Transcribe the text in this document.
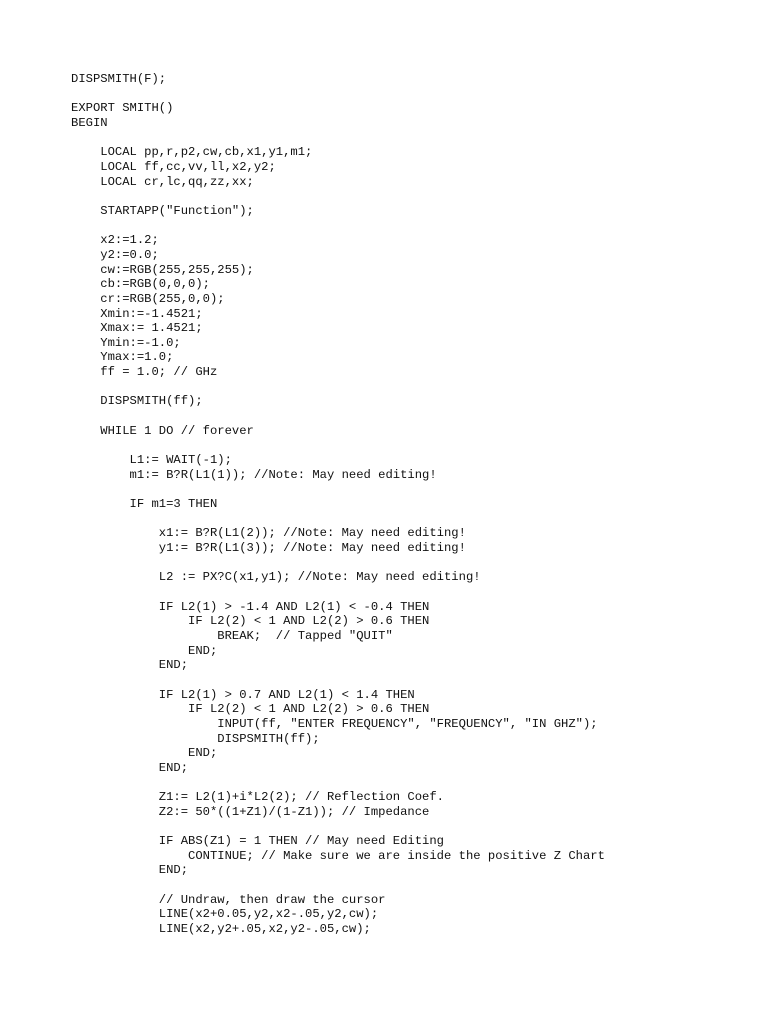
DISPSMITH(F);
EXPORT SMITH()
BEGIN
LOCAL pp,r,p2,cw,cb,x1,y1,m1;
LOCAL ff,cc,vv,ll,x2,y2;
LOCAL cr,lc,qq,zz,xx;
STARTAPP("Function");
x2:=1.2;
y2:=0.0;
cw:=RGB(255,255,255);
cb:=RGB(0,0,0);
cr:=RGB(255,0,0);
Xmin:=-1.4521;
Xmax:= 1.4521;
Ymin:=-1.0;
Ymax:=1.0;
ff = 1.0; // GHz
DISPSMITH(ff);
WHILE 1 DO // forever
L1:= WAIT(-1);
m1:= B?R(L1(1)); //Note: May need editing!
IF m1=3 THEN
x1:= B?R(L1(2)); //Note: May need editing!
y1:= B?R(L1(3)); //Note: May need editing!
L2 := PX?C(x1,y1); //Note: May need editing!
IF L2(1) > -1.4 AND L2(1) < -0.4 THEN
IF L2(2) < 1 AND L2(2) > 0.6 THEN
BREAK;  // Tapped "QUIT"
END;
END;
IF L2(1) > 0.7 AND L2(1) < 1.4 THEN
IF L2(2) < 1 AND L2(2) > 0.6 THEN
INPUT(ff, "ENTER FREQUENCY", "FREQUENCY", "IN GHZ");
DISPSMITH(ff);
END;
END;
Z1:= L2(1)+i*L2(2); // Reflection Coef.
Z2:= 50*((1+Z1)/(1-Z1)); // Impedance
IF ABS(Z1) = 1 THEN // May need Editing
CONTINUE; // Make sure we are inside the positive Z Chart
END;
// Undraw, then draw the cursor
LINE(x2+0.05,y2,x2-.05,y2,cw);
LINE(x2,y2+.05,x2,y2-.05,cw);
